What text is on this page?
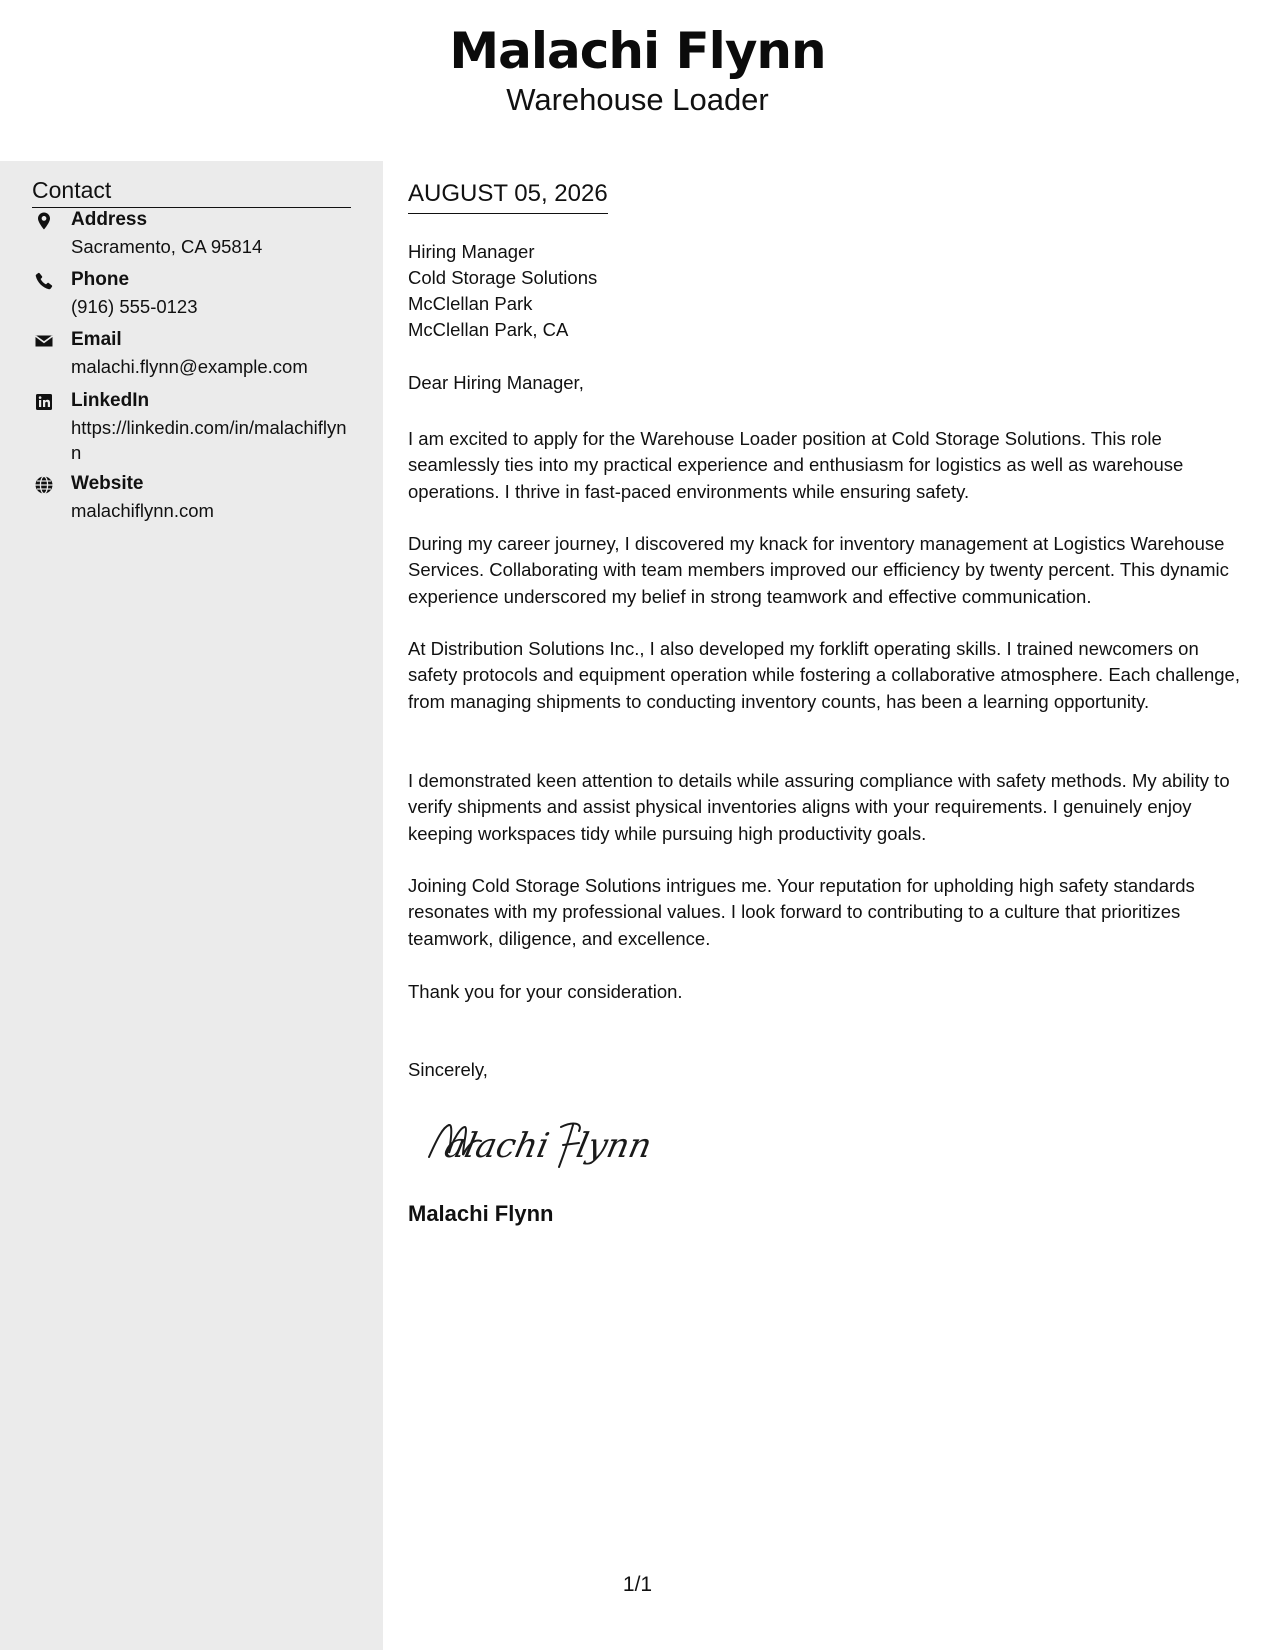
Malachi Flynn
Warehouse Loader
Contact
Address
Sacramento, CA 95814
Phone
(916) 555-0123
Email
malachi.flynn@example.com
LinkedIn
https://linkedin.com/in/malachiflynn
Website
malachiflynn.com
AUGUST 05, 2026
Hiring Manager
Cold Storage Solutions
McClellan Park
McClellan Park, CA
Dear Hiring Manager,

I am excited to apply for the Warehouse Loader position at Cold Storage Solutions. This role seamlessly ties into my practical experience and enthusiasm for logistics as well as warehouse operations. I thrive in fast-paced environments while ensuring safety.

During my career journey, I discovered my knack for inventory management at Logistics Warehouse Services. Collaborating with team members improved our efficiency by twenty percent. This dynamic experience underscored my belief in strong teamwork and effective communication.

At Distribution Solutions Inc., I also developed my forklift operating skills. I trained newcomers on safety protocols and equipment operation while fostering a collaborative atmosphere. Each challenge, from managing shipments to conducting inventory counts, has been a learning opportunity.

I demonstrated keen attention to details while assuring compliance with safety methods. My ability to verify shipments and assist physical inventories aligns with your requirements. I genuinely enjoy keeping workspaces tidy while pursuing high productivity goals.

Joining Cold Storage Solutions intrigues me. Your reputation for upholding high safety standards resonates with my professional values. I look forward to contributing to a culture that prioritizes teamwork, diligence, and excellence.

Thank you for your consideration.

Sincerely,
alachi lynn
Malachi Flynn
1/1
